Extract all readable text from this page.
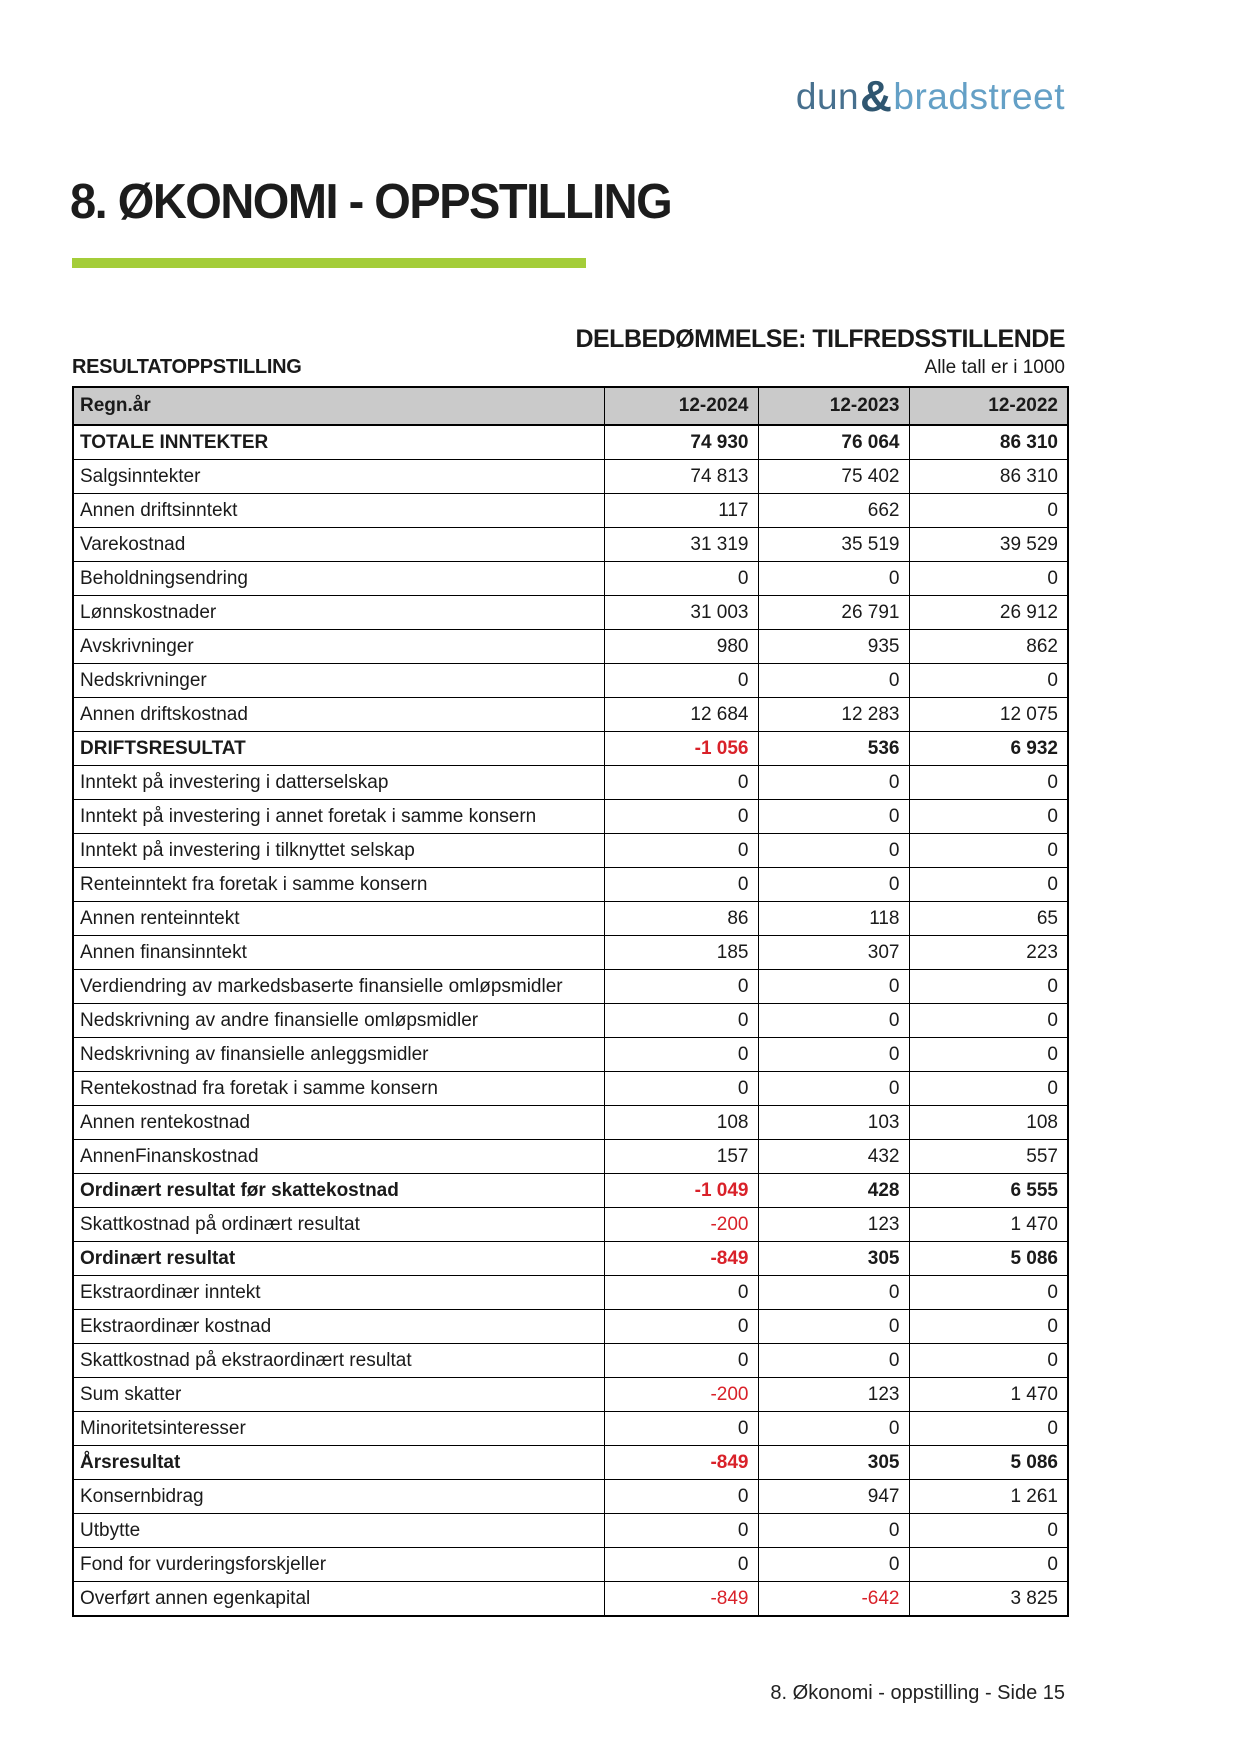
dun&bradstreet
8. ØKONOMI - OPPSTILLING
DELBEDØMMELSE: TILFREDSSTILLENDE
RESULTATOPPSTILLING	Alle tall er i 1000
Regn.år	12-2024	12-2023	12-2022
TOTALE INNTEKTER	74 930	76 064	86 310
Salgsinntekter	74 813	75 402	86 310
Annen driftsinntekt	117	662	0
Varekostnad	31 319	35 519	39 529
Beholdningsendring	0	0	0
Lønnskostnader	31 003	26 791	26 912
Avskrivninger	980	935	862
Nedskrivninger	0	0	0
Annen driftskostnad	12 684	12 283	12 075
DRIFTSRESULTAT	-1 056	536	6 932
Inntekt på investering i datterselskap	0	0	0
Inntekt på investering i annet foretak i samme konsern	0	0	0
Inntekt på investering i tilknyttet selskap	0	0	0
Renteinntekt fra foretak i samme konsern	0	0	0
Annen renteinntekt	86	118	65
Annen finansinntekt	185	307	223
Verdiendring av markedsbaserte finansielle omløpsmidler	0	0	0
Nedskrivning av andre finansielle omløpsmidler	0	0	0
Nedskrivning av finansielle anleggsmidler	0	0	0
Rentekostnad fra foretak i samme konsern	0	0	0
Annen rentekostnad	108	103	108
AnnenFinanskostnad	157	432	557
Ordinært resultat før skattekostnad	-1 049	428	6 555
Skattkostnad på ordinært resultat	-200	123	1 470
Ordinært resultat	-849	305	5 086
Ekstraordinær inntekt	0	0	0
Ekstraordinær kostnad	0	0	0
Skattkostnad på ekstraordinært resultat	0	0	0
Sum skatter	-200	123	1 470
Minoritetsinteresser	0	0	0
Årsresultat	-849	305	5 086
Konsernbidrag	0	947	1 261
Utbytte	0	0	0
Fond for vurderingsforskjeller	0	0	0
Overført annen egenkapital	-849	-642	3 825
8. Økonomi - oppstilling - Side 15
